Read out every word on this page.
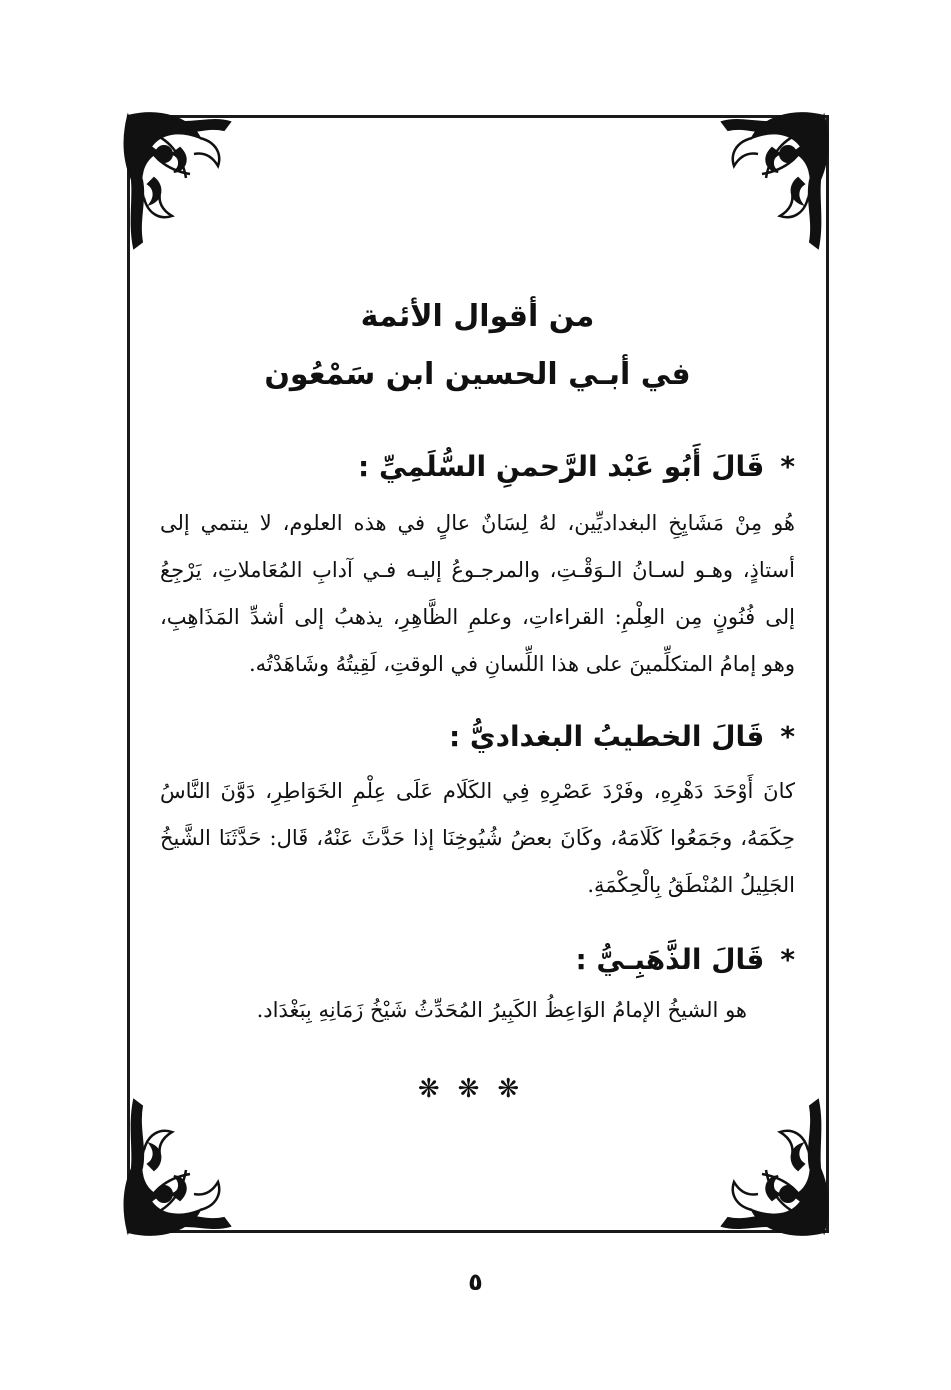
من أقوال الأئمة
في أبـي الحسين ابن سَمْعُون
*
قَالَ أَبُو عَبْد الرَّحمنِ السُّلَمِيِّ :

هُو مِنْ مَشَايِخِ البغداديِّين، لهُ لِسَانٌ عالٍ في هذه العلوم، لا ينتمي إلى أستاذٍ، وهـو لسـانُ الـوَقْـتِ، والمرجـوعُ إليـه فـي آدابِ المُعَاملاتِ، يَرْجِعُ إلى فُنُونٍ مِن العِلْمِ: القراءاتِ، وعلمِ الظَّاهِرِ، يذهبُ إلى أشدِّ المَذَاهِبِ، وهو إمامُ المتكلِّمينَ على هذا اللِّسانِ في الوقتِ، لَقِيتُهُ وشَاهَدْتُه.

*
قَالَ الخطيبُ البغداديُّ :

كانَ أَوْحَدَ دَهْرِهِ، وفَرْدَ عَصْرِهِ فِي الكَلَام عَلَى عِلْمِ الخَوَاطِرِ، دَوَّنَ النَّاسُ حِكَمَهُ، وجَمَعُوا كَلَامَهُ، وكَانَ بعضُ شُيُوخِنَا إذا حَدَّثَ عَنْهُ، قَال: حَدَّثَنَا الشَّيخُ الجَلِيلُ المُنْطَقُ بِالْحِكْمَةِ.

*
قَالَ الذَّهَبِـيُّ :

هو الشيخُ الإمامُ الوَاعِظُ الكَبِيرُ المُحَدِّثُ شَيْخُ زَمَانِهِ بِبَغْدَاد.

❋❋❋
٥
